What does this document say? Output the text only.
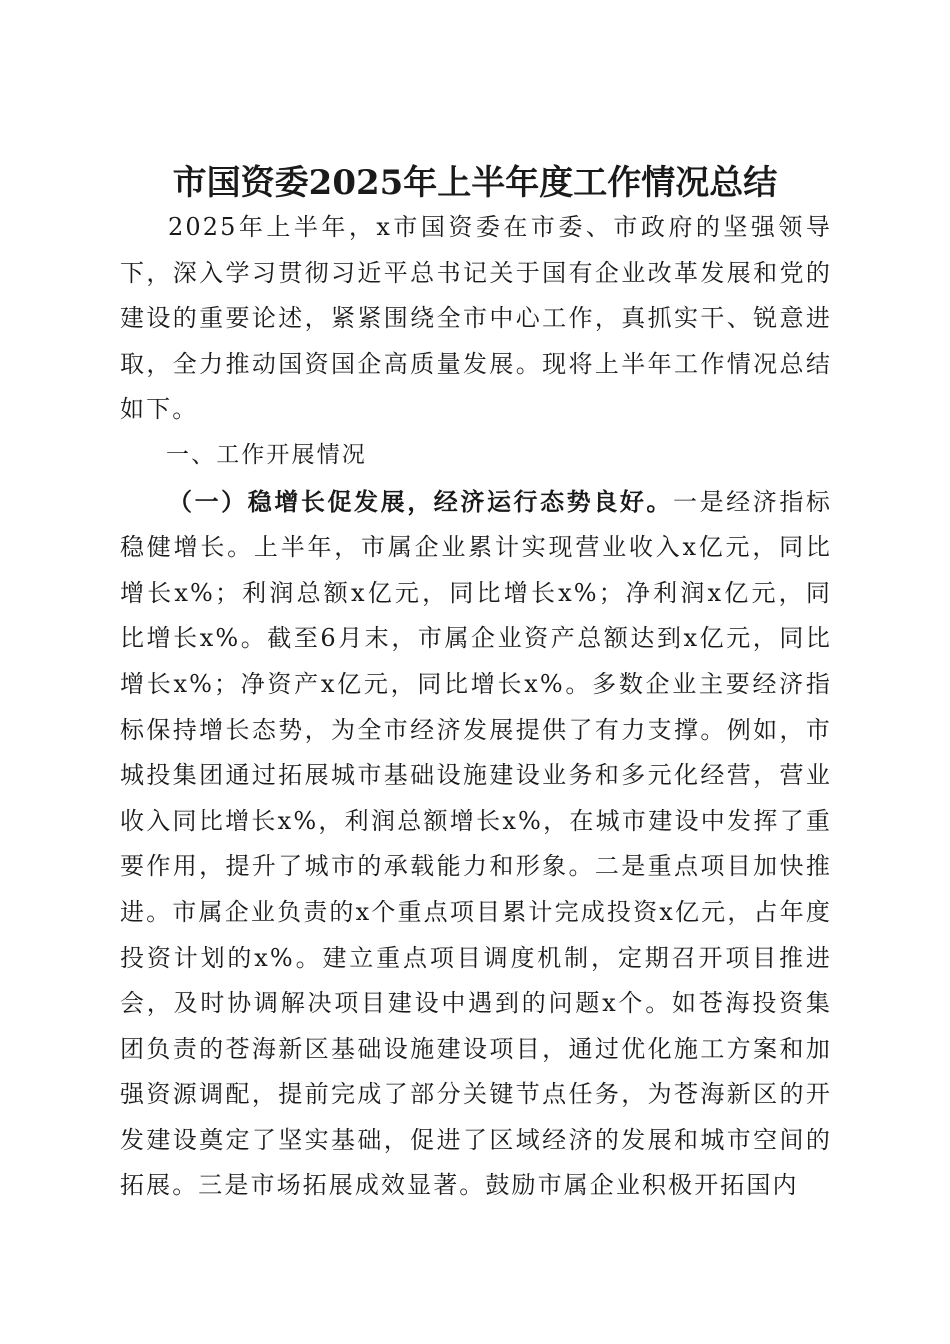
市国资委2025年上半年度工作情况总结

2025年上半年，x市国资委在市委、市政府的坚强领导下，深入学习贯彻习近平总书记关于国有企业改革发展和党的建设的重要论述，紧紧围绕全市中心工作，真抓实干、锐意进取，全力推动国资国企高质量发展。现将上半年工作情况总结如下。

一、工作开展情况

（一）稳增长促发展，经济运行态势良好。一是经济指标稳健增长。上半年，市属企业累计实现营业收入x亿元，同比增长x%；利润总额x亿元，同比增长x%；净利润x亿元，同比增长x%。截至6月末，市属企业资产总额达到x亿元，同比增长x%；净资产x亿元，同比增长x%。多数企业主要经济指标保持增长态势，为全市经济发展提供了有力支撑。例如，市城投集团通过拓展城市基础设施建设业务和多元化经营，营业收入同比增长x%，利润总额增长x%，在城市建设中发挥了重要作用，提升了城市的承载能力和形象。二是重点项目加快推进。市属企业负责的x个重点项目累计完成投资x亿元，占年度投资计划的x%。建立重点项目调度机制，定期召开项目推进会，及时协调解决项目建设中遇到的问题x个。如苍海投资集团负责的苍海新区基础设施建设项目，通过优化施工方案和加强资源调配，提前完成了部分关键节点任务，为苍海新区的开发建设奠定了坚实基础，促进了区域经济的发展和城市空间的拓展。三是市场拓展成效显著。鼓励市属企业积极开拓国内
